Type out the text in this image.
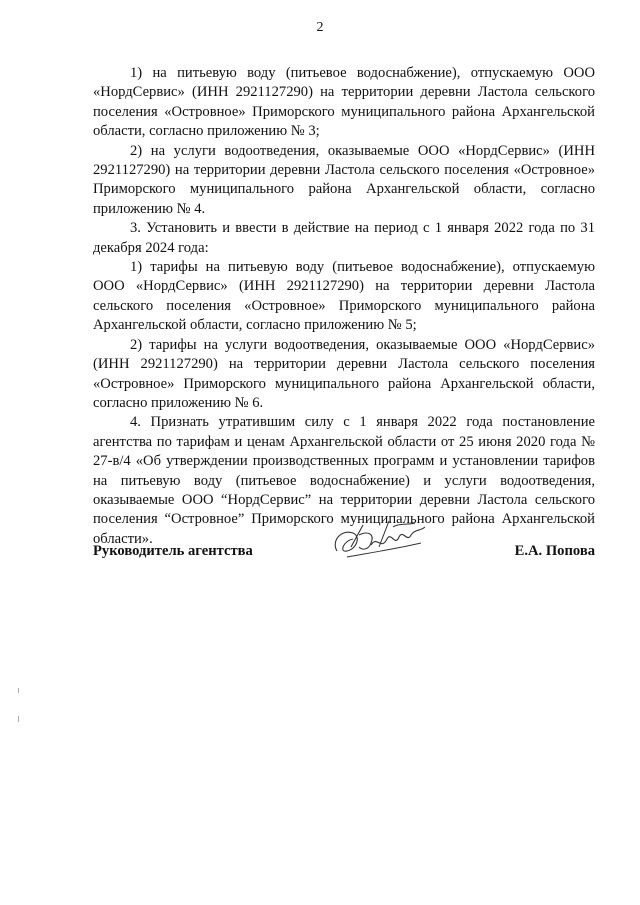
2

1) на питьевую воду (питьевое водоснабжение), отпускаемую ООО «НордСервис» (ИНН 2921127290) на территории деревни Ластола сельского поселения «Островное» Приморского муниципального района Архангельской области, согласно приложению № 3;

2) на услуги водоотведения, оказываемые ООО «НордСервис» (ИНН 2921127290) на территории деревни Ластола сельского поселения «Островное» Приморского муниципального района Архангельской области, согласно приложению № 4.

3. Установить и ввести в действие на период с 1 января 2022 года по 31 декабря 2024 года:

1) тарифы на питьевую воду (питьевое водоснабжение), отпускаемую ООО «НордСервис» (ИНН 2921127290) на территории деревни Ластола сельского поселения «Островное» Приморского муниципального района Архангельской области, согласно приложению № 5;

2) тарифы на услуги водоотведения, оказываемые ООО «НордСервис» (ИНН 2921127290) на территории деревни Ластола сельского поселения «Островное» Приморского муниципального района Архангельской области, согласно приложению № 6.

4. Признать утратившим силу с 1 января 2022 года постановление агентства по тарифам и ценам Архангельской области от 25 июня 2020 года № 27-в/4 «Об утверждении производственных программ и установлении тарифов на питьевую воду (питьевое водоснабжение) и услуги водоотведения, оказываемые ООО “НордСервис” на территории деревни Ластола сельского поселения “Островное” Приморского муниципального района Архангельской области».

Руководитель агентства	Е.А. Попова
